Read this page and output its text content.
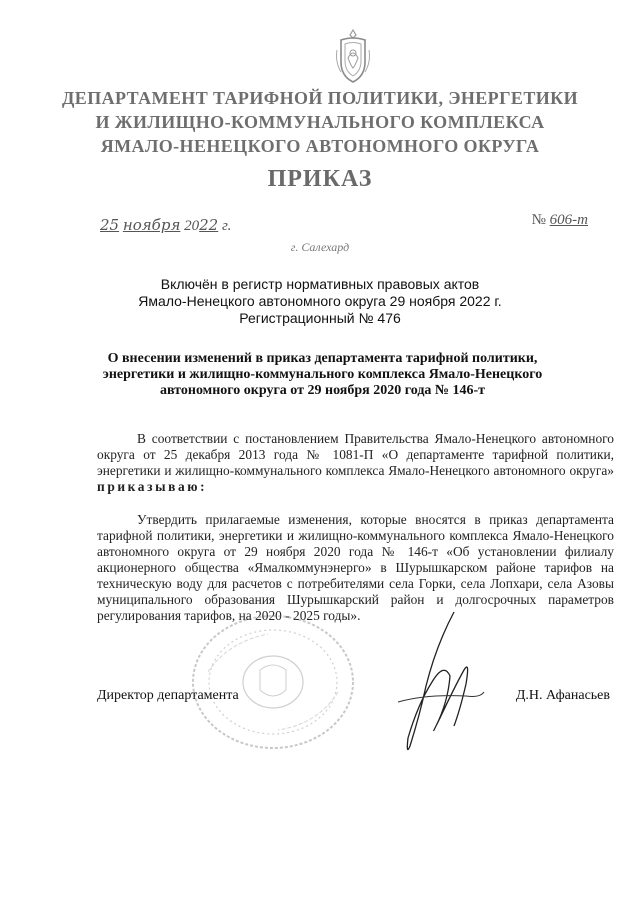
ДЕПАРТАМЕНТ ТАРИФНОЙ ПОЛИТИКИ, ЭНЕРГЕТИКИ
И ЖИЛИЩНО-КОММУНАЛЬНОГО КОМПЛЕКСА
ЯМАЛО-НЕНЕЦКОГО АВТОНОМНОГО ОКРУГА
ПРИКАЗ
25 ноября 2022 г.	№ 606-т
г. Салехард
Включён в регистр нормативных правовых актов
Ямало-Ненецкого автономного округа 29 ноября 2022 г.
Регистрационный № 476
О внесении изменений в приказ департамента тарифной политики,
энергетики и жилищно-коммунального комплекса Ямало-Ненецкого
автономного округа от 29 ноября 2020 года № 146-т
В соответствии с постановлением Правительства Ямало-Ненецкого автономного округа от 25 декабря 2013 года № 1081-П «О департаменте тарифной политики, энергетики и жилищно-коммунального комплекса Ямало-Ненецкого автономного округа» приказываю:
Утвердить прилагаемые изменения, которые вносятся в приказ департамента тарифной политики, энергетики и жилищно-коммунального комплекса Ямало-Ненецкого автономного округа от 29 ноября 2020 года № 146-т «Об установлении филиалу акционерного общества «Ямалкоммунэнерго» в Шурышкарском районе тарифов на техническую воду для расчетов с потребителями села Горки, села Лопхари, села Азовы муниципального образования Шурышкарский район и долгосрочных параметров регулирования тарифов, на 2020 - 2025 годы».
Директор департамента	Д.Н. Афанасьев
